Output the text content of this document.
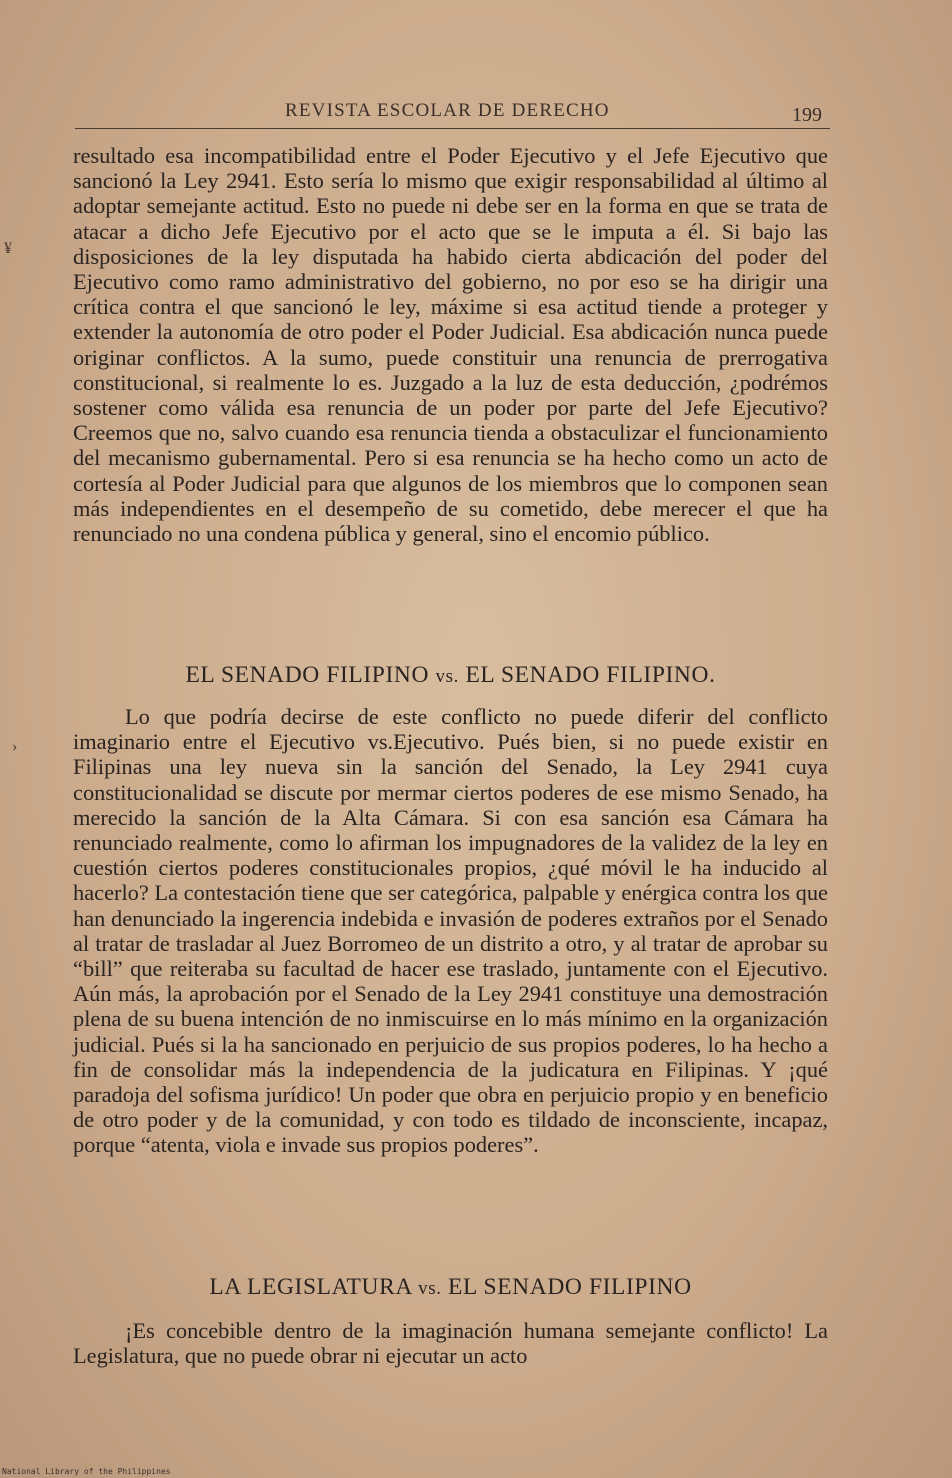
REVISTA ESCOLAR DE DERECHO	199
¥
›

resultado esa incompatibilidad entre el Poder Ejecutivo y el Jefe Ejecutivo que sancionó la Ley 2941. Esto sería lo mismo que exigir responsabilidad al último al adoptar semejante actitud. Esto no puede ni debe ser en la forma en que se trata de atacar a dicho Jefe Ejecutivo por el acto que se le imputa a él. Si bajo las disposiciones de la ley disputada ha habido cierta abdicación del poder del Ejecutivo como ramo administrativo del gobierno, no por eso se ha dirigir una crítica contra el que sancionó le ley, máxime si esa actitud tiende a proteger y extender la autonomía de otro poder el Poder Judicial. Esa abdicación nunca puede originar conflictos. A la sumo, puede constituir una renuncia de prerrogativa constitucional, si realmente lo es. Juzgado a la luz de esta deducción, ¿podrémos sostener como válida esa renuncia de un poder por parte del Jefe Ejecutivo? Creemos que no, salvo cuando esa renuncia tienda a obstaculizar el funcionamiento del mecanismo gubernamental. Pero si esa renuncia se ha hecho como un acto de cortesía al Poder Judicial para que algunos de los miembros que lo componen sean más independientes en el desempeño de su cometido, debe merecer el que ha renunciado no una condena pública y general, sino el encomio público.

EL SENADO FILIPINO vs. EL SENADO FILIPINO.

Lo que podría decirse de este conflicto no puede diferir del conflicto imaginario entre el Ejecutivo vs.Ejecutivo. Pués bien, si no puede existir en Filipinas una ley nueva sin la sanción del Senado, la Ley 2941 cuya constitucionalidad se discute por mermar ciertos poderes de ese mismo Senado, ha merecido la sanción de la Alta Cámara. Si con esa sanción esa Cámara ha renunciado realmente, como lo afirman los impugnadores de la validez de la ley en cuestión ciertos poderes constitucionales propios, ¿qué móvil le ha inducido al hacerlo? La contestación tiene que ser categórica, palpable y enérgica contra los que han denunciado la ingerencia indebida e invasión de poderes extraños por el Senado al tratar de trasladar al Juez Borromeo de un distrito a otro, y al tratar de aprobar su “bill” que reiteraba su facultad de hacer ese traslado, juntamente con el Ejecutivo. Aún más, la aprobación por el Senado de la Ley 2941 constituye una demostración plena de su buena intención de no inmiscuirse en lo más mínimo en la organización judicial. Pués si la ha sancionado en perjuicio de sus propios poderes, lo ha hecho a fin de consolidar más la independencia de la judicatura en Filipinas. Y ¡qué paradoja del sofisma jurídico! Un poder que obra en perjuicio propio y en beneficio de otro poder y de la comunidad, y con todo es tildado de inconsciente, incapaz, porque “atenta, viola e invade sus propios poderes”.

LA LEGISLATURA vs. EL SENADO FILIPINO

¡Es concebible dentro de la imaginación humana semejante conflicto! La Legislatura, que no puede obrar ni ejecutar un acto

National Library of the Philippines
